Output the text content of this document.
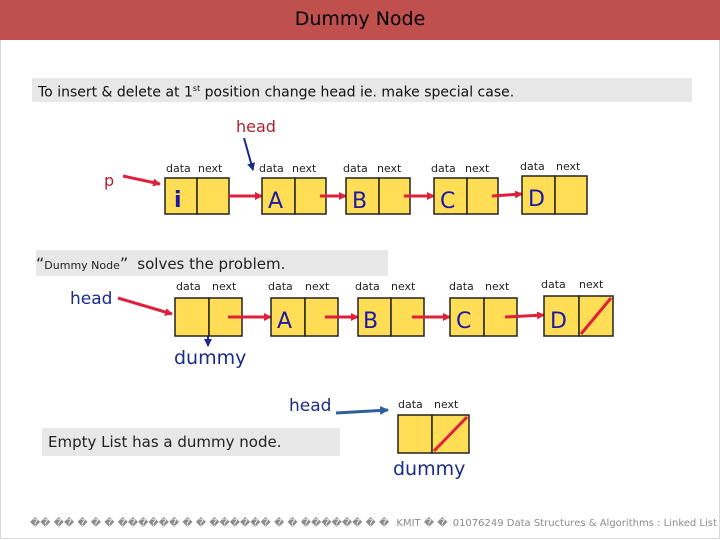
Dummy Node
To insert & delete at 1st position change head ie. make special case.
“Dummy Node” solves the problem.
Empty List has a dummy node.
head
p
data next
i
data next
A
data next
B
data next
C
data next
D
head
data next	data next
A
data next
B
data next
C
data next
D
dummy
head	data next
dummy
�� �� � � � ������ � � ������ � � ������ � � KMIT � � 01076249 Data Structures & Algorithms : Linked List
